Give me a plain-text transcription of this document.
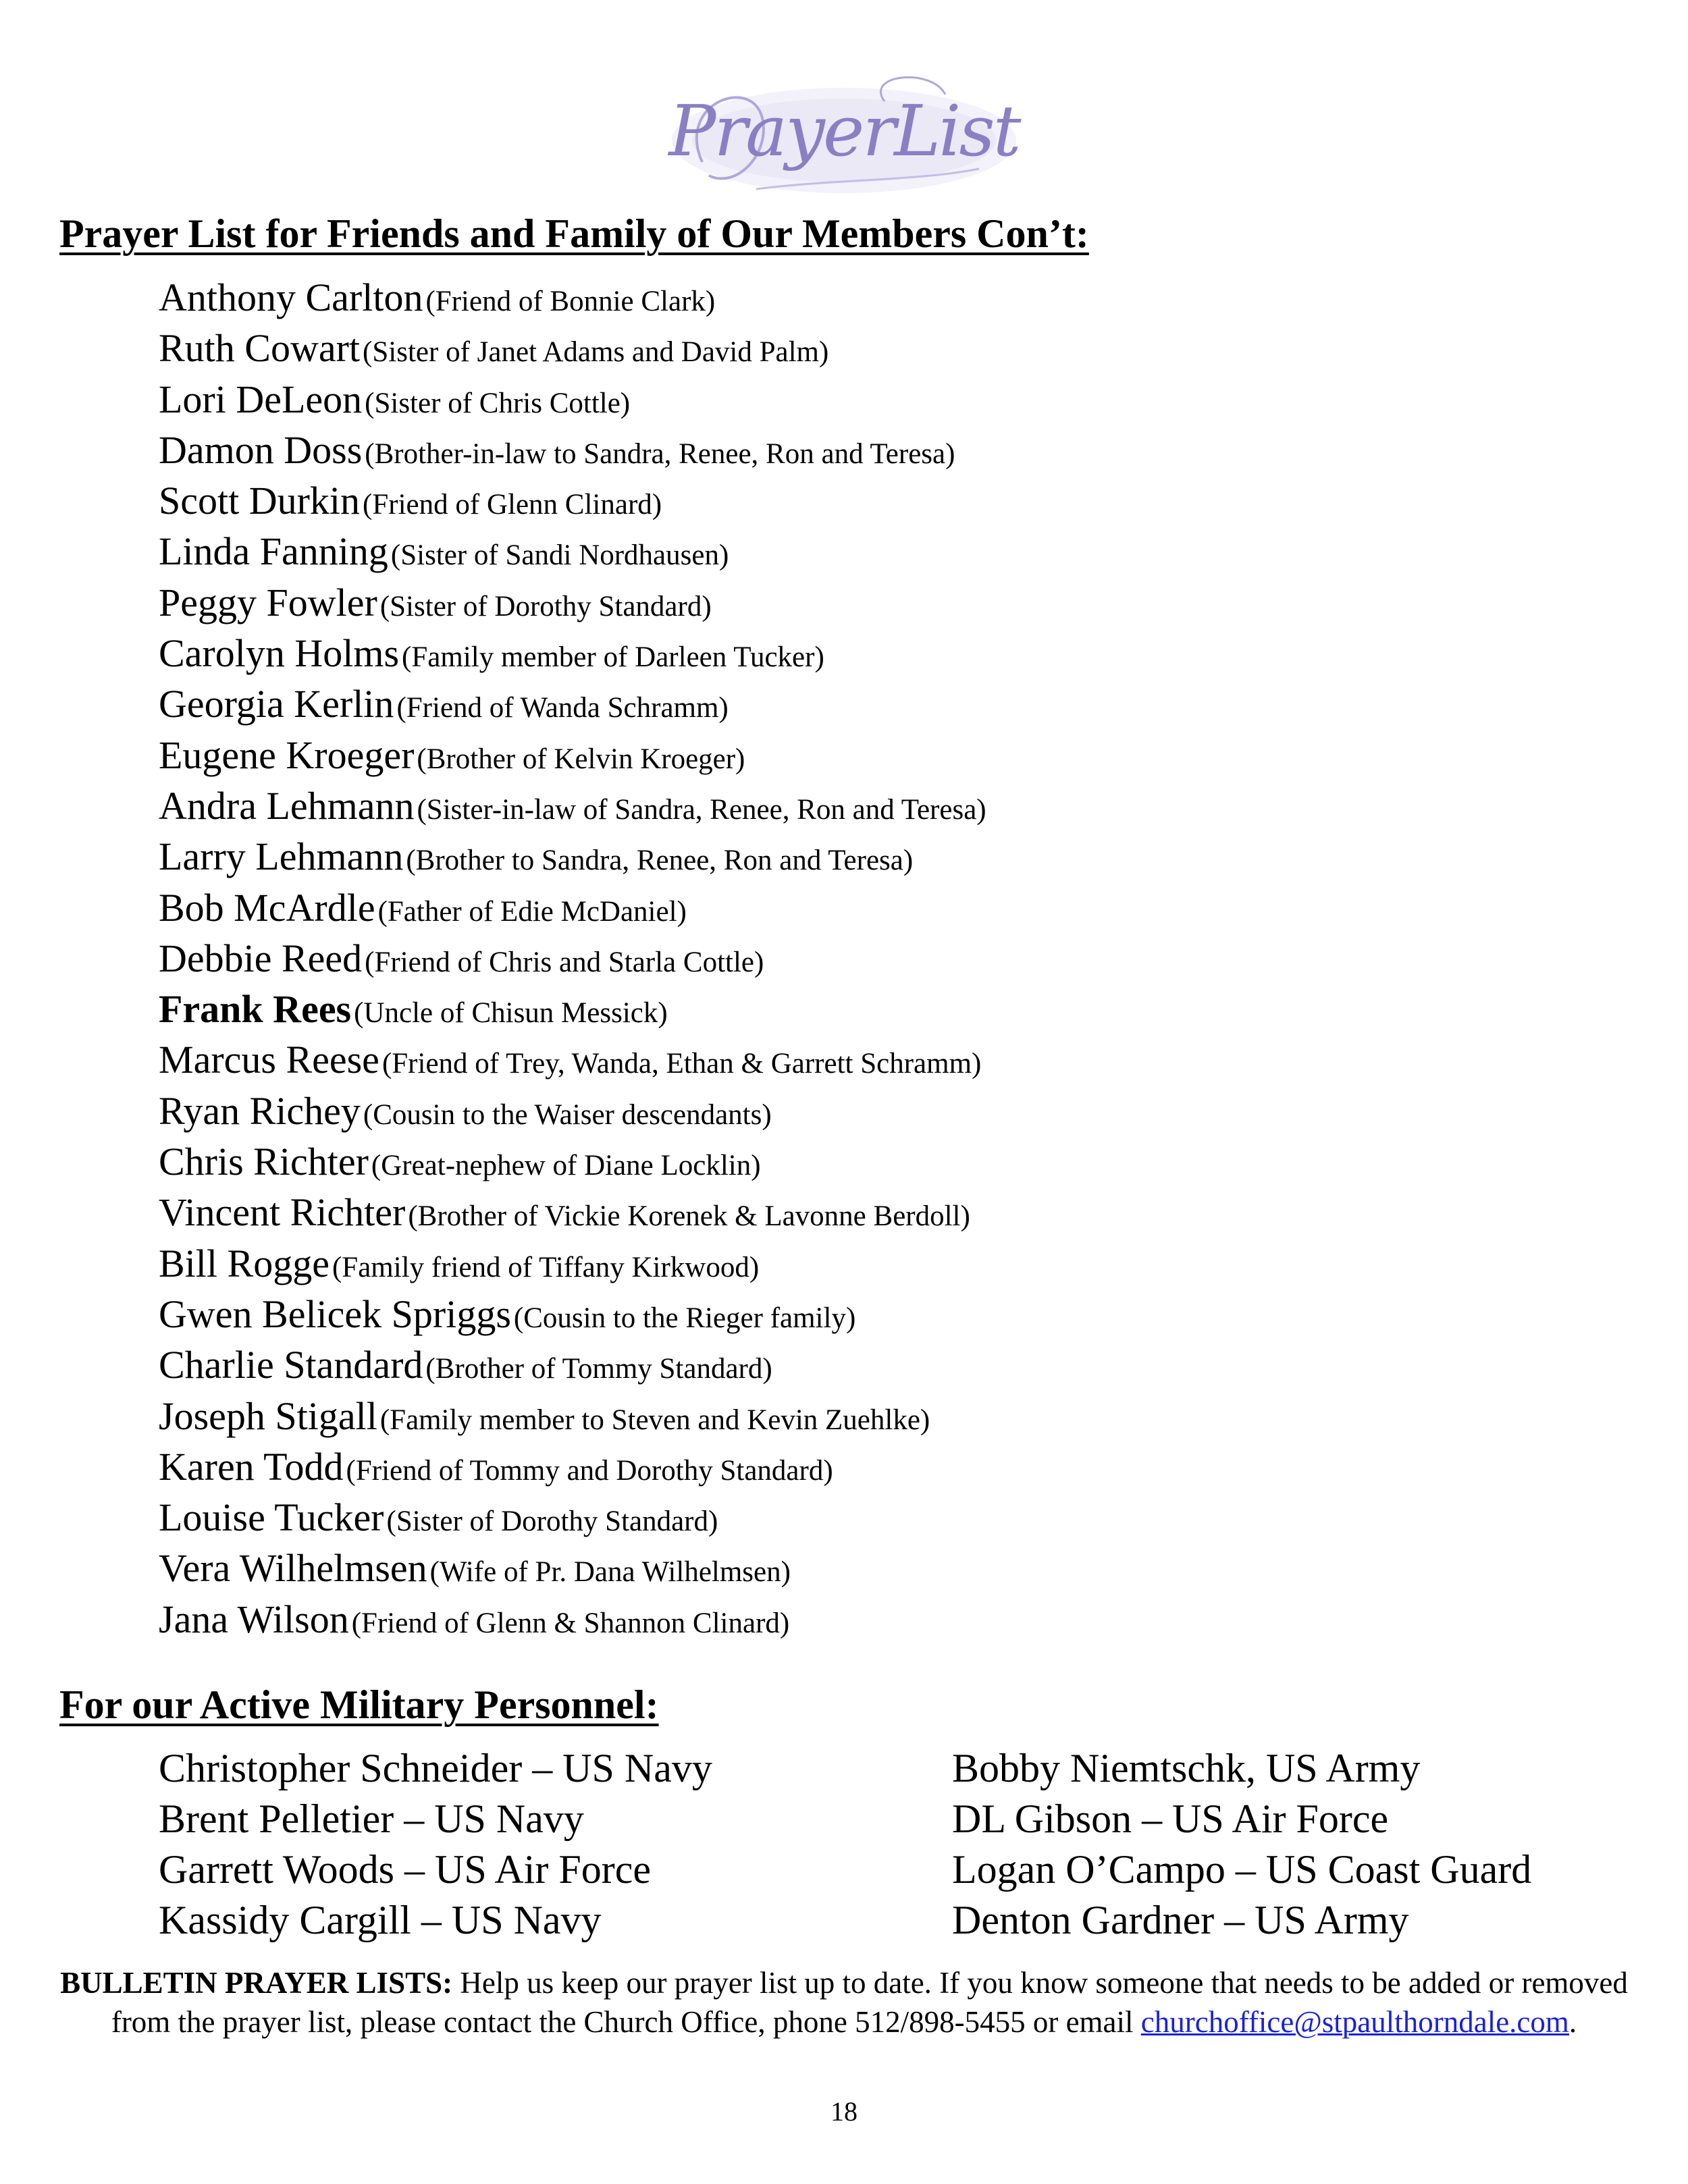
PrayerList
Prayer List for Friends and Family of Our Members Con’t:
Anthony Carlton (Friend of Bonnie Clark)
Ruth Cowart (Sister of Janet Adams and David Palm)
Lori DeLeon (Sister of Chris Cottle)
Damon Doss (Brother-in-law to Sandra, Renee, Ron and Teresa)
Scott Durkin (Friend of Glenn Clinard)
Linda Fanning (Sister of Sandi Nordhausen)
Peggy Fowler (Sister of Dorothy Standard)
Carolyn Holms (Family member of Darleen Tucker)
Georgia Kerlin (Friend of Wanda Schramm)
Eugene Kroeger (Brother of Kelvin Kroeger)
Andra Lehmann (Sister-in-law of Sandra, Renee, Ron and Teresa)
Larry Lehmann (Brother to Sandra, Renee, Ron and Teresa)
Bob McArdle (Father of Edie McDaniel)
Debbie Reed (Friend of Chris and Starla Cottle)
Frank Rees (Uncle of Chisun Messick)
Marcus Reese (Friend of Trey, Wanda, Ethan & Garrett Schramm)
Ryan Richey (Cousin to the Waiser descendants)
Chris Richter (Great-nephew of Diane Locklin)
Vincent Richter (Brother of Vickie Korenek & Lavonne Berdoll)
Bill Rogge (Family friend of Tiffany Kirkwood)
Gwen Belicek Spriggs (Cousin to the Rieger family)
Charlie Standard (Brother of Tommy Standard)
Joseph Stigall (Family member to Steven and Kevin Zuehlke)
Karen Todd (Friend of Tommy and Dorothy Standard)
Louise Tucker (Sister of Dorothy Standard)
Vera Wilhelmsen (Wife of Pr. Dana Wilhelmsen)
Jana Wilson (Friend of Glenn & Shannon Clinard)
For our Active Military Personnel:
Christopher Schneider – US Navy
Brent Pelletier – US Navy
Garrett Woods – US Air Force
Kassidy Cargill – US Navy
Bobby Niemtschk, US Army
DL Gibson – US Air Force
Logan O’Campo – US Coast Guard
Denton Gardner – US Army
BULLETIN PRAYER LISTS: Help us keep our prayer list up to date. If you know someone that needs to be added or removed from the prayer list, please contact the Church Office, phone 512/898-5455 or email churchoffice@stpaulthorndale.com.
18
